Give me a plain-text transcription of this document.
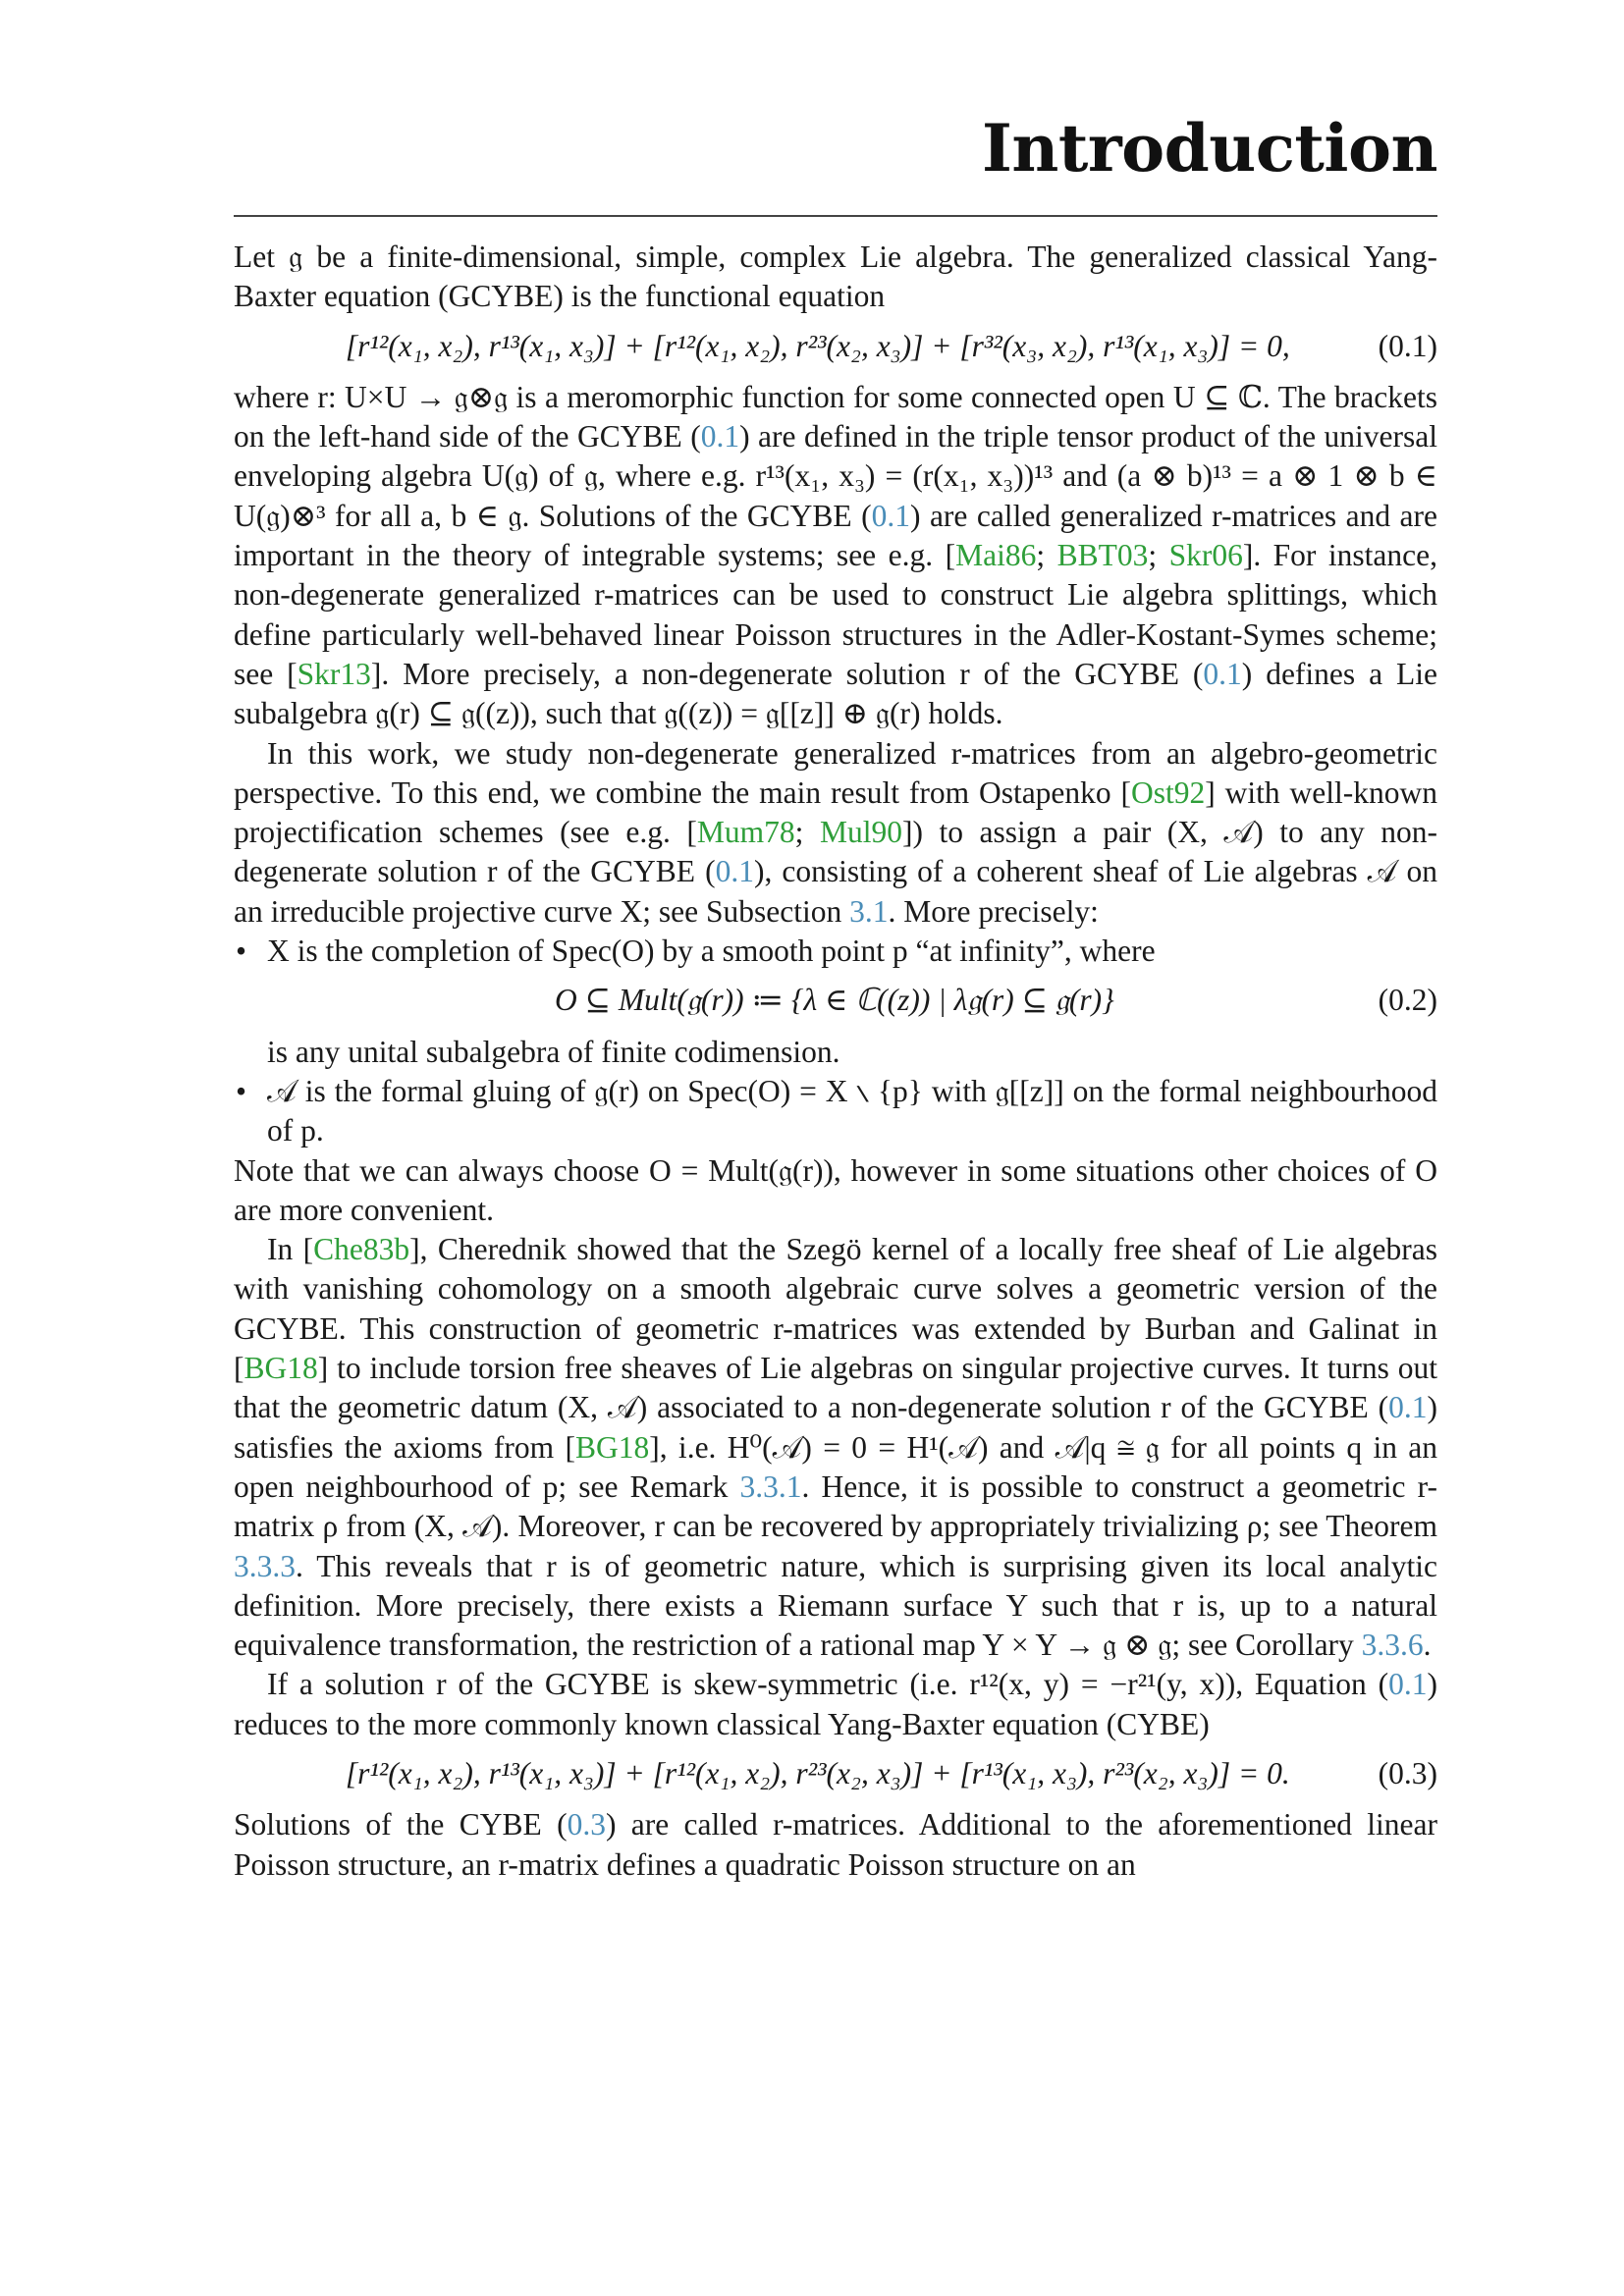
Introduction

Let 𝔤 be a finite-dimensional, simple, complex Lie algebra. The generalized classical Yang-Baxter equation (GCYBE) is the functional equation

[r¹²(x₁, x₂), r¹³(x₁, x₃)] + [r¹²(x₁, x₂), r²³(x₂, x₃)] + [r³²(x₃, x₂), r¹³(x₁, x₃)] = 0,	(0.1)

where r: U×U → 𝔤⊗𝔤 is a meromorphic function for some connected open U ⊆ ℂ. The brackets on the left-hand side of the GCYBE (0.1) are defined in the triple tensor product of the universal enveloping algebra U(𝔤) of 𝔤, where e.g. r¹³(x₁, x₃) = (r(x₁, x₃))¹³ and (a ⊗ b)¹³ = a ⊗ 1 ⊗ b ∈ U(𝔤)⊗³ for all a, b ∈ 𝔤. Solutions of the GCYBE (0.1) are called generalized r-matrices and are important in the theory of integrable systems; see e.g. [Mai86; BBT03; Skr06]. For instance, non-degenerate generalized r-matrices can be used to construct Lie algebra splittings, which define particularly well-behaved linear Poisson structures in the Adler-Kostant-Symes scheme; see [Skr13]. More precisely, a non-degenerate solution r of the GCYBE (0.1) defines a Lie subalgebra 𝔤(r) ⊆ 𝔤((z)), such that 𝔤((z)) = 𝔤[[z]] ⊕ 𝔤(r) holds.

In this work, we study non-degenerate generalized r-matrices from an algebro-geometric perspective. To this end, we combine the main result from Ostapenko [Ost92] with well-known projectification schemes (see e.g. [Mum78; Mul90]) to assign a pair (X, 𝒜) to any non-degenerate solution r of the GCYBE (0.1), consisting of a coherent sheaf of Lie algebras 𝒜 on an irreducible projective curve X; see Subsection 3.1. More precisely:

• X is the completion of Spec(O) by a smooth point p “at infinity”, where
O ⊆ Mult(𝔤(r)) ≔ {λ ∈ ℂ((z)) | λ𝔤(r) ⊆ 𝔤(r)}	(0.2)
is any unital subalgebra of finite codimension.
• 𝒜 is the formal gluing of 𝔤(r) on Spec(O) = X ∖ {p} with 𝔤[[z]] on the formal neighbourhood of p.

Note that we can always choose O = Mult(𝔤(r)), however in some situations other choices of O are more convenient.

In [Che83b], Cherednik showed that the Szegö kernel of a locally free sheaf of Lie algebras with vanishing cohomology on a smooth algebraic curve solves a geometric version of the GCYBE. This construction of geometric r-matrices was extended by Burban and Galinat in [BG18] to include torsion free sheaves of Lie algebras on singular projective curves. It turns out that the geometric datum (X, 𝒜) associated to a non-degenerate solution r of the GCYBE (0.1) satisfies the axioms from [BG18], i.e. H⁰(𝒜) = 0 = H¹(𝒜) and 𝒜|q ≅ 𝔤 for all points q in an open neighbourhood of p; see Remark 3.3.1. Hence, it is possible to construct a geometric r-matrix ρ from (X, 𝒜). Moreover, r can be recovered by appropriately trivializing ρ; see Theorem 3.3.3. This reveals that r is of geometric nature, which is surprising given its local analytic definition. More precisely, there exists a Riemann surface Y such that r is, up to a natural equivalence transformation, the restriction of a rational map Y × Y → 𝔤 ⊗ 𝔤; see Corollary 3.3.6.

If a solution r of the GCYBE is skew-symmetric (i.e. r¹²(x, y) = −r²¹(y, x)), Equation (0.1) reduces to the more commonly known classical Yang-Baxter equation (CYBE)

[r¹²(x₁, x₂), r¹³(x₁, x₃)] + [r¹²(x₁, x₂), r²³(x₂, x₃)] + [r¹³(x₁, x₃), r²³(x₂, x₃)] = 0.	(0.3)

Solutions of the CYBE (0.3) are called r-matrices. Additional to the aforementioned linear Poisson structure, an r-matrix defines a quadratic Poisson structure on an
